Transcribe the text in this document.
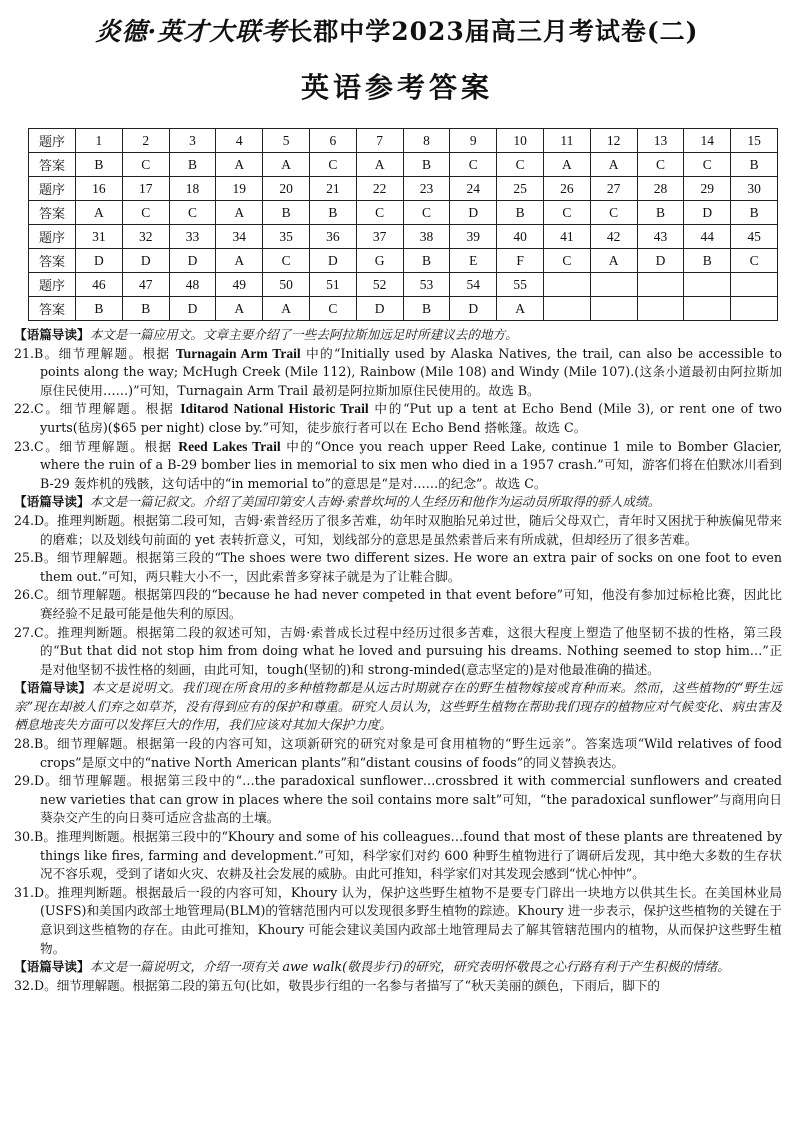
炎德·英才大联考长郡中学2023届高三月考试卷(二)
英语参考答案
题序	1	2	3	4	5	6	7	8	9	10	11	12	13	14	15
答案	B	C	B	A	A	C	A	B	C	C	A	A	C	C	B
题序	16	17	18	19	20	21	22	23	24	25	26	27	28	29	30
答案	A	C	C	A	B	B	C	C	D	B	C	C	B	D	B
题序	31	32	33	34	35	36	37	38	39	40	41	42	43	44	45
答案	D	D	D	A	C	D	G	B	E	F	C	A	D	B	C
题序	46	47	48	49	50	51	52	53	54	55					
答案	B	B	D	A	A	C	D	B	D	A					

【语篇导读】本文是一篇应用文。文章主要介绍了一些去阿拉斯加远足时所建议去的地方。

21.B。细节理解题。根据 Turnagain Arm Trail 中的“Initially used by Alaska Natives, the trail, can also be accessible to points along the way; McHugh Creek (Mile 112), Rainbow (Mile 108) and Windy (Mile 107).(这条小道最初由阿拉斯加原住民使用……)”可知，Turnagain Arm Trail 最初是阿拉斯加原住民使用的。故选 B。

22.C。细节理解题。根据 Iditarod National Historic Trail 中的“Put up a tent at Echo Bend (Mile 3), or rent one of two yurts(毡房)($65 per night) close by.”可知，徒步旅行者可以在 Echo Bend 搭帐篷。故选 C。

23.C。细节理解题。根据 Reed Lakes Trail 中的“Once you reach upper Reed Lake, continue 1 mile to Bomber Glacier, where the ruin of a B-29 bomber lies in memorial to six men who died in a 1957 crash.”可知，游客们将在伯默冰川看到 B-29 轰炸机的残骸，这句话中的“in memorial to”的意思是“是对……的纪念”。故选 C。

【语篇导读】本文是一篇记叙文。介绍了美国印第安人吉姆·索普坎坷的人生经历和他作为运动员所取得的骄人成绩。

24.D。推理判断题。根据第二段可知，吉姆·索普经历了很多苦难，幼年时双胞胎兄弟过世，随后父母双亡，青年时又困扰于种族偏见带来的磨难；以及划线句前面的 yet 表转折意义，可知，划线部分的意思是虽然索普后来有所成就，但却经历了很多苦难。

25.B。细节理解题。根据第三段的“The shoes were two different sizes. He wore an extra pair of socks on one foot to even them out.”可知，两只鞋大小不一，因此索普多穿袜子就是为了让鞋合脚。

26.C。细节理解题。根据第四段的“because he had never competed in that event before”可知，他没有参加过标枪比赛，因此比赛经验不足最可能是他失利的原因。

27.C。推理判断题。根据第二段的叙述可知，吉姆·索普成长过程中经历过很多苦难，这很大程度上塑造了他坚韧不拔的性格，第三段的“But that did not stop him from doing what he loved and pursuing his dreams. Nothing seemed to stop him…”正是对他坚韧不拔性格的刻画，由此可知，tough(坚韧的)和 strong-minded(意志坚定的)是对他最准确的描述。

【语篇导读】本文是说明文。我们现在所食用的多种植物都是从远古时期就存在的野生植物嫁接或育种而来。然而，这些植物的“野生远亲”现在却被人们弃之如草芥，没有得到应有的保护和尊重。研究人员认为，这些野生植物在帮助我们现存的植物应对气候变化、病虫害及栖息地丧失方面可以发挥巨大的作用，我们应该对其加大保护力度。

28.B。细节理解题。根据第一段的内容可知，这项新研究的研究对象是可食用植物的“野生远亲”。答案选项“Wild relatives of food crops”是原文中的“native North American plants”和“distant cousins of foods”的同义替换表达。

29.D。细节理解题。根据第三段中的“…the paradoxical sunflower…crossbred it with commercial sunflowers and created new varieties that can grow in places where the soil contains more salt”可知，“the paradoxical sunflower”与商用向日葵杂交产生的向日葵可适应含盐高的土壤。

30.B。推理判断题。根据第三段中的“Khoury and some of his colleagues…found that most of these plants are threatened by things like fires, farming and development.”可知，科学家们对约 600 种野生植物进行了调研后发现，其中绝大多数的生存状况不容乐观，受到了诸如火灾、农耕及社会发展的威胁。由此可推知，科学家们对其发现会感到“忧心忡忡”。

31.D。推理判断题。根据最后一段的内容可知，Khoury 认为，保护这些野生植物不是要专门辟出一块地方以供其生长。在美国林业局(USFS)和美国内政部土地管理局(BLM)的管辖范围内可以发现很多野生植物的踪迹。Khoury 进一步表示，保护这些植物的关键在于意识到这些植物的存在。由此可推知，Khoury 可能会建议美国内政部土地管理局去了解其管辖范围内的植物，从而保护这些野生植物。

【语篇导读】本文是一篇说明文，介绍一项有关 awe walk(敬畏步行)的研究，研究表明怀敬畏之心行路有利于产生积极的情绪。

32.D。细节理解题。根据第二段的第五句(比如，敬畏步行组的一名参与者描写了“秋天美丽的颜色，下雨后，脚下的
